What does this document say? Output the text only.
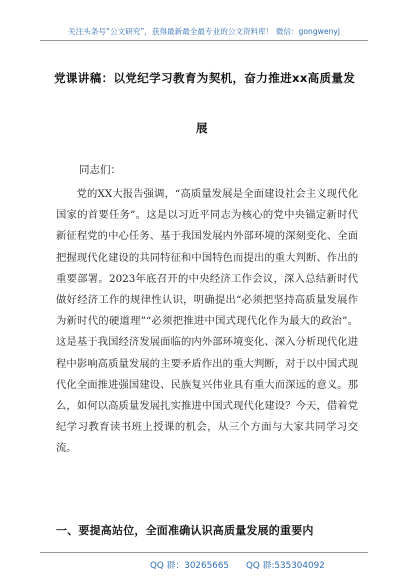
关注头条号“公文研究”，获得最新最全最专业的公文资料库！ 微信：gongwenyj
党课讲稿：以党纪学习教育为契机，奋力推进xx高质量发
展
同志们：
党的XX大报告强调，“高质量发展是全面建设社会主义现代化国家的首要任务”。这是以习近平同志为核心的党中央锚定新时代新征程党的中心任务、基于我国发展内外部环境的深刻变化、全面把握现代化建设的共同特征和中国特色而提出的重大判断、作出的重要部署。2023年底召开的中央经济工作会议，深入总结新时代做好经济工作的规律性认识，明确提出“必须把坚持高质量发展作为新时代的硬道理”“必须把推进中国式现代化作为最大的政治”。这是基于我国经济发展面临的内外部环境变化、深入分析现代化进程中影响高质量发展的主要矛盾作出的重大判断，对于以中国式现代化全面推进强国建设、民族复兴伟业具有重大而深远的意义。那么，如何以高质量发展扎实推进中国式现代化建设？今天，借着党纪学习教育读书班上授课的机会，从三个方面与大家共同学习交流。
一、要提高站位，全面准确认识高质量发展的重要内
QQ 群：30265665 QQ 群:535304092
